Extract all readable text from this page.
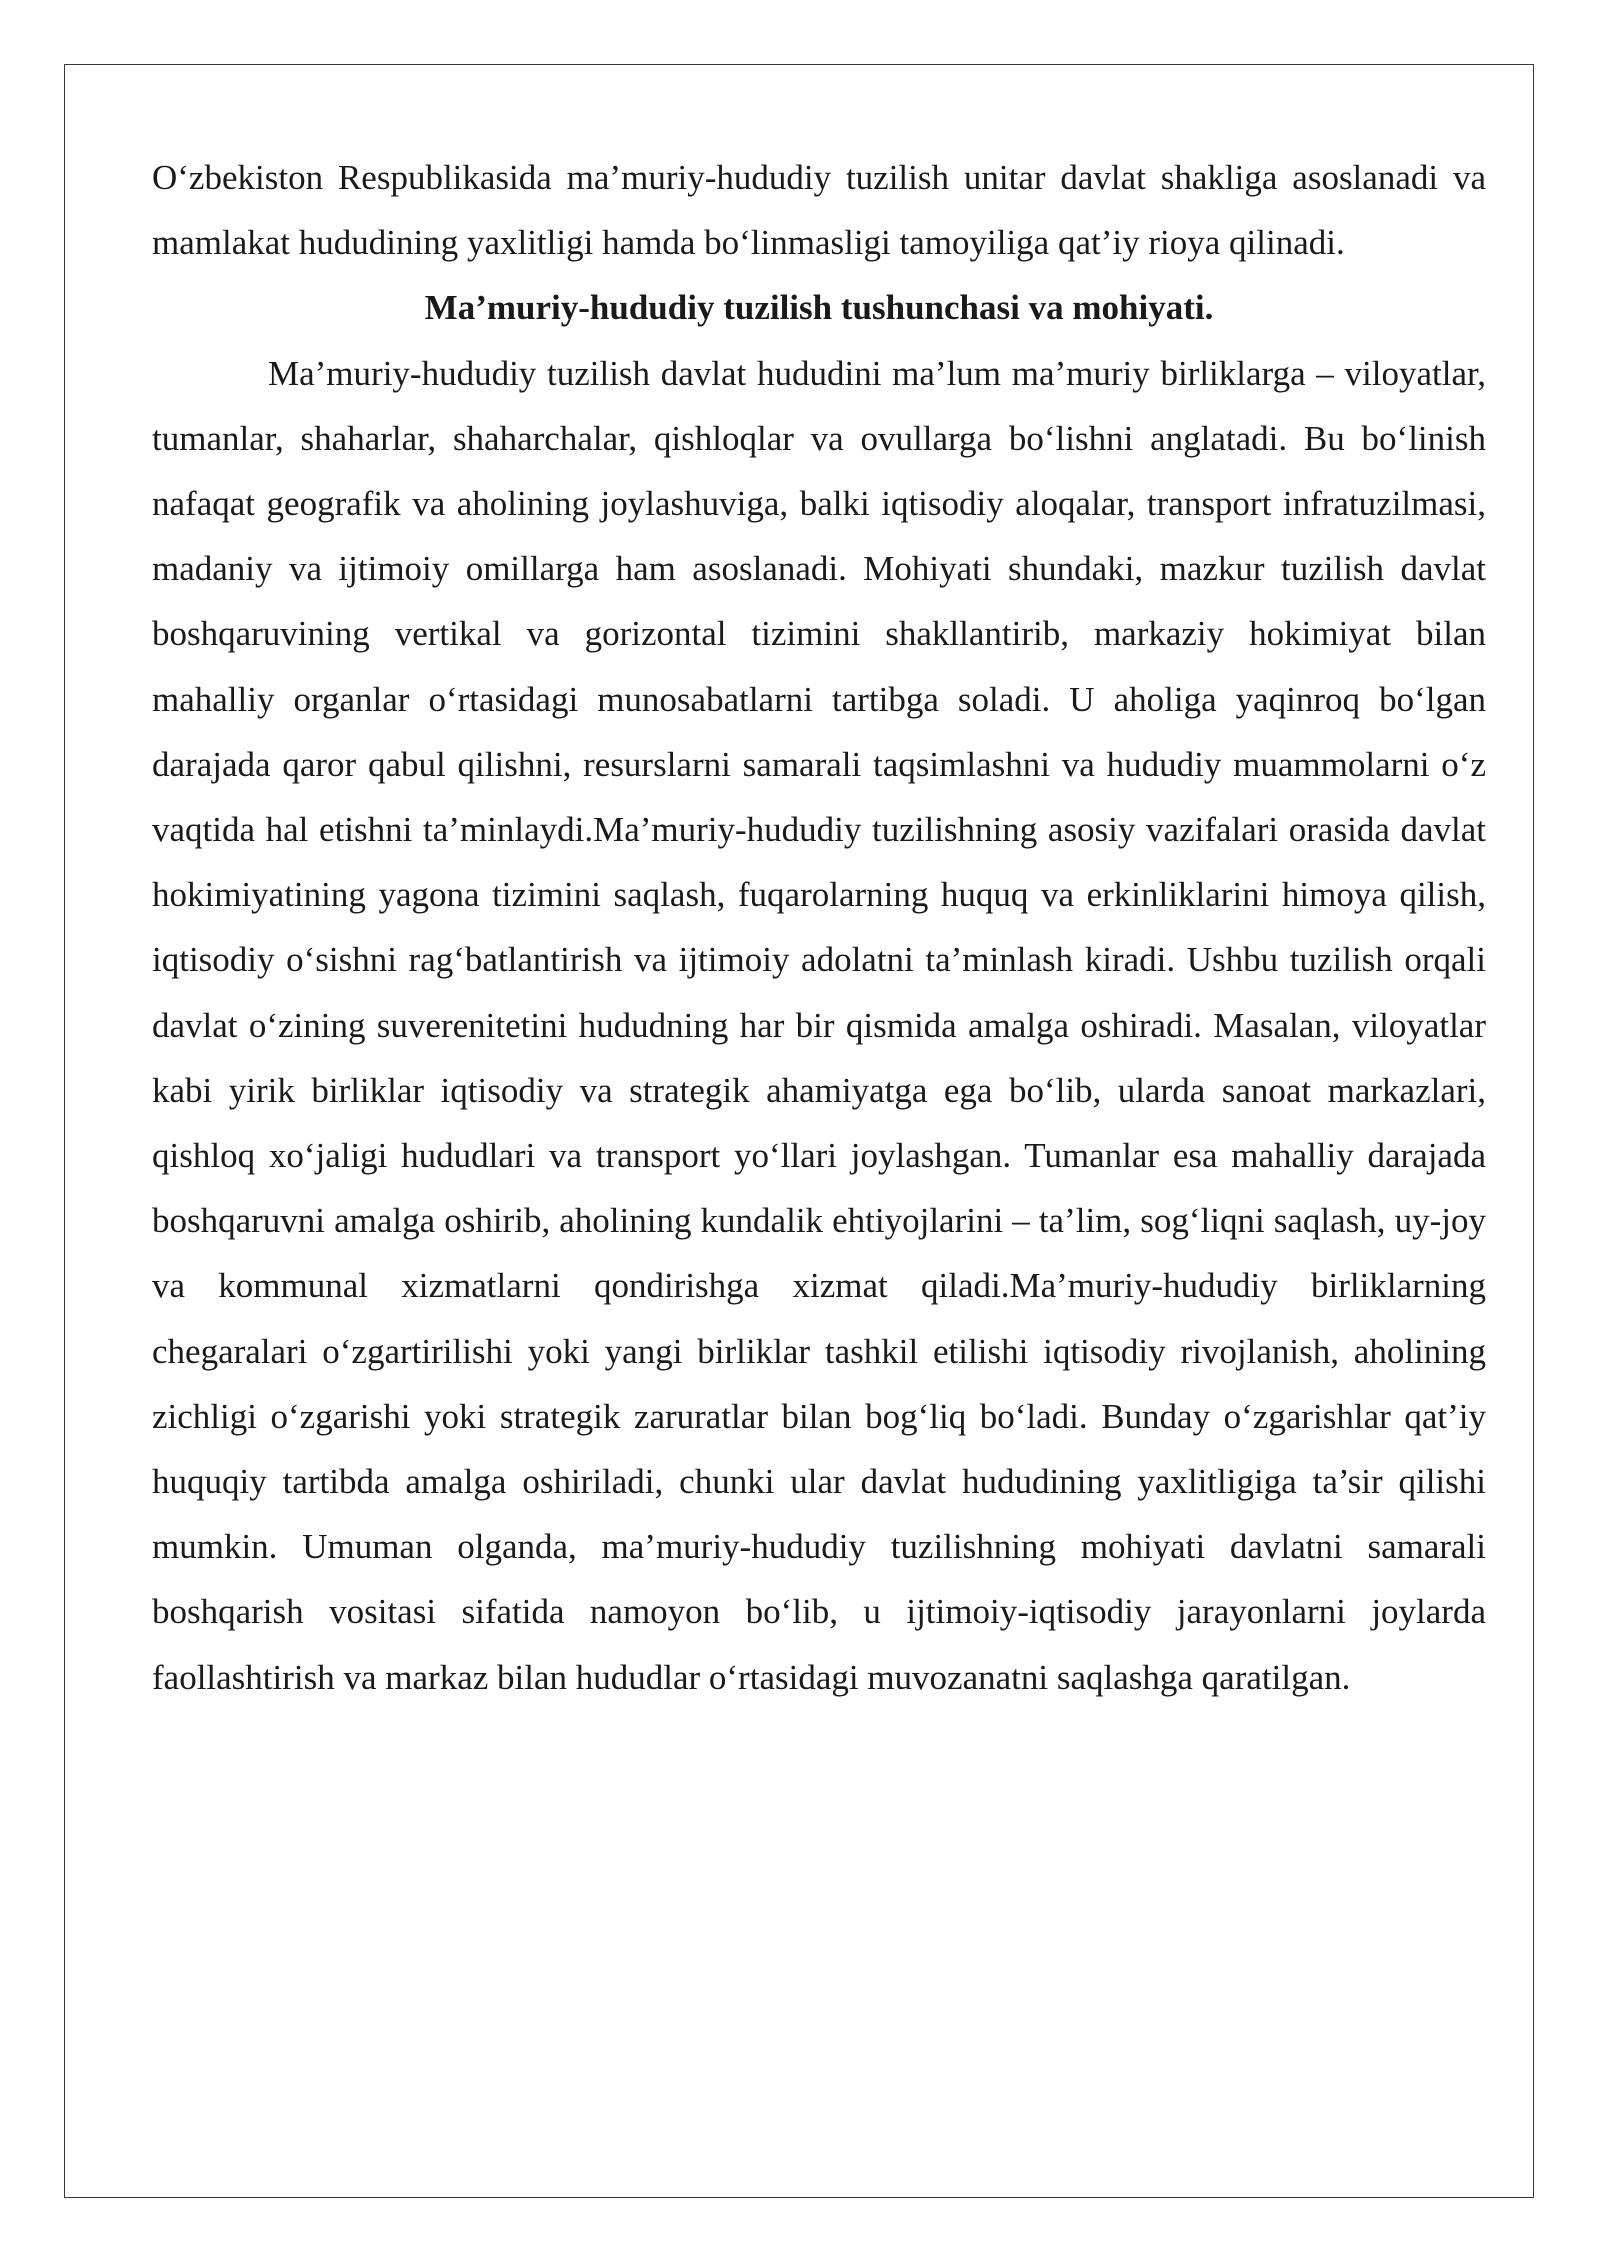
O‘zbekiston Respublikasida ma’muriy-hududiy tuzilish unitar davlat shakliga asoslanadi va mamlakat hududining yaxlitligi hamda bo‘linmasligi tamoyiliga qat’iy rioya qilinadi.

Ma’muriy-hududiy tuzilish tushunchasi va mohiyati.

Ma’muriy-hududiy tuzilish davlat hududini ma’lum ma’muriy birliklarga – viloyatlar, tumanlar, shaharlar, shaharchalar, qishloqlar va ovullarga bo‘lishni anglatadi. Bu bo‘linish nafaqat geografik va aholining joylashuviga, balki iqtisodiy aloqalar, transport infratuzilmasi, madaniy va ijtimoiy omillarga ham asoslanadi. Mohiyati shundaki, mazkur tuzilish davlat boshqaruvining vertikal va gorizontal tizimini shakllantirib, markaziy hokimiyat bilan mahalliy organlar o‘rtasidagi munosabatlarni tartibga soladi. U aholiga yaqinroq bo‘lgan darajada qaror qabul qilishni, resurslarni samarali taqsimlashni va hududiy muammolarni o‘z vaqtida hal etishni ta’minlaydi.Ma’muriy-hududiy tuzilishning asosiy vazifalari orasida davlat hokimiyatining yagona tizimini saqlash, fuqarolarning huquq va erkinliklarini himoya qilish, iqtisodiy o‘sishni rag‘batlantirish va ijtimoiy adolatni ta’minlash kiradi. Ushbu tuzilish orqali davlat o‘zining suverenitetini hududning har bir qismida amalga oshiradi. Masalan, viloyatlar kabi yirik birliklar iqtisodiy va strategik ahamiyatga ega bo‘lib, ularda sanoat markazlari, qishloq xo‘jaligi hududlari va transport yo‘llari joylashgan. Tumanlar esa mahalliy darajada boshqaruvni amalga oshirib, aholining kundalik ehtiyojlarini – ta’lim, sog‘liqni saqlash, uy-joy va kommunal xizmatlarni qondirishga xizmat qiladi.Ma’muriy-hududiy birliklarning chegaralari o‘zgartirilishi yoki yangi birliklar tashkil etilishi iqtisodiy rivojlanish, aholining zichligi o‘zgarishi yoki strategik zaruratlar bilan bog‘liq bo‘ladi. Bunday o‘zgarishlar qat’iy huquqiy tartibda amalga oshiriladi, chunki ular davlat hududining yaxlitligiga ta’sir qilishi mumkin. Umuman olganda, ma’muriy-hududiy tuzilishning mohiyati davlatni samarali boshqarish vositasi sifatida namoyon bo‘lib, u ijtimoiy-iqtisodiy jarayonlarni joylarda faollashtirish va markaz bilan hududlar o‘rtasidagi muvozanatni saqlashga qaratilgan.
